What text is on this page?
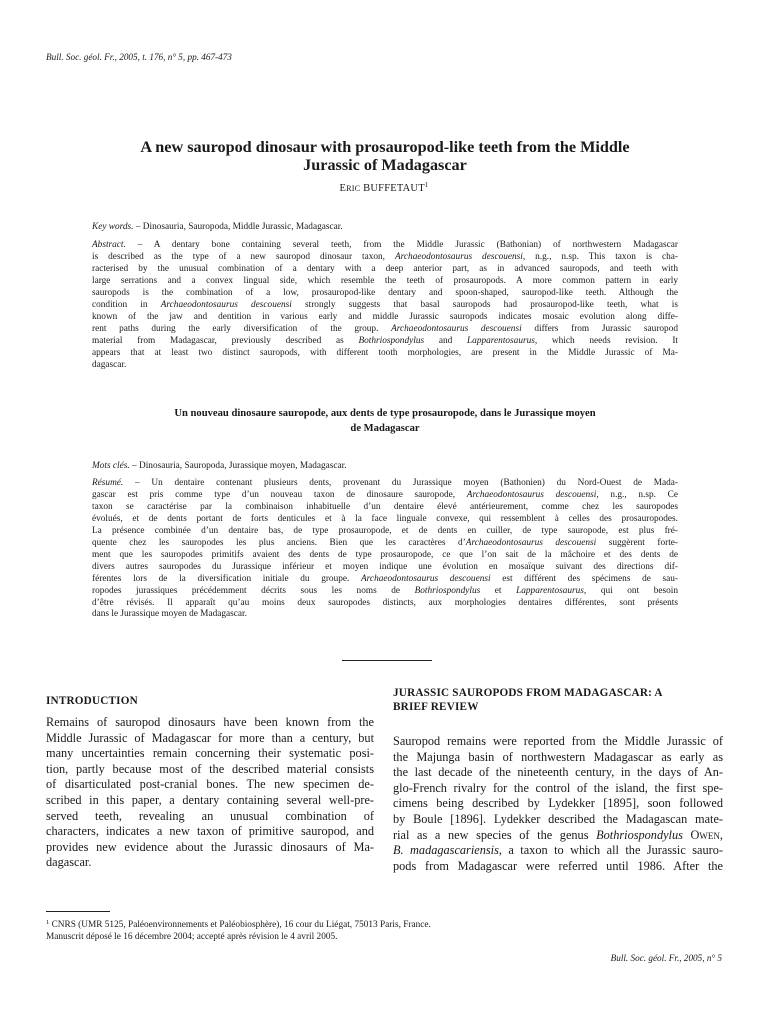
Bull. Soc. géol. Fr., 2005, t. 176, n° 5, pp. 467-473
A new sauropod dinosaur with prosauropod-like teeth from the Middle
Jurassic of Madagascar
ERIC BUFFETAUT$^1$
Key words. – Dinosauria, Sauropoda, Middle Jurassic, Madagascar.
Abstract. – A dentary bone containing several teeth, from the Middle Jurassic (Bathonian) of northwestern Madagascar
is described as the type of a new sauropod dinosaur taxon, Archaeodontosaurus descouensi, n.g., n.sp. This taxon is cha-
racterised by the unusual combination of a dentary with a deep anterior part, as in advanced sauropods, and teeth with
large serrations and a convex lingual side, which resemble the teeth of prosauropods. A more common pattern in early
sauropods is the combination of a low, prosauropod-like dentary and spoon-shaped, sauropod-like teeth. Although the
condition in Archaeodontosaurus descouensi strongly suggests that basal sauropods had prosauropod-like teeth, what is
known of the jaw and dentition in various early and middle Jurassic sauropods indicates mosaic evolution along diffe-
rent paths during the early diversification of the group. Archaeodontosaurus descouensi differs from Jurassic sauropod
material from Madagascar, previously described as Bothriospondylus and Lapparentosaurus, which needs revision. It
appears that at least two distinct sauropods, with different tooth morphologies, are present in the Middle Jurassic of Ma-
dagascar.
Un nouveau dinosaure sauropode, aux dents de type prosauropode, dans le Jurassique moyen
de Madagascar
Mots clés. – Dinosauria, Sauropoda, Jurassique moyen, Madagascar.
Résumé. – Un dentaire contenant plusieurs dents, provenant du Jurassique moyen (Bathonien) du Nord-Ouest de Mada-
gascar est pris comme type d’un nouveau taxon de dinosaure sauropode, Archaeodontosaurus descouensi, n.g., n.sp. Ce
taxon se caractérise par la combinaison inhabituelle d’un dentaire élevé antérieurement, comme chez les sauropodes
évolués, et de dents portant de forts denticules et à la face linguale convexe, qui ressemblent à celles des prosauropodes.
La présence combinée d’un dentaire bas, de type prosauropode, et de dents en cuiller, de type sauropode, est plus fré-
quente chez les sauropodes les plus anciens. Bien que les caractères d’Archaeodontosaurus descouensi suggèrent forte-
ment que les sauropodes primitifs avaient des dents de type prosauropode, ce que l’on sait de la mâchoire et des dents de
divers autres sauropodes du Jurassique inférieur et moyen indique une évolution en mosaïque suivant des directions dif-
férentes lors de la diversification initiale du groupe. Archaeodontosaurus descouensi est différent des spécimens de sau-
ropodes jurassiques précédemment décrits sous les noms de Bothriospondylus et Lapparentosaurus, qui ont besoin
d’être révisés. Il apparaît qu’au moins deux sauropodes distincts, aux morphologies dentaires différentes, sont présents
dans le Jurassique moyen de Madagascar.
INTRODUCTION
Remains of sauropod dinosaurs have been known from the
Middle Jurassic of Madagascar for more than a century, but
many uncertainties remain concerning their systematic posi-
tion, partly because most of the described material consists
of disarticulated post-cranial bones. The new specimen de-
scribed in this paper, a dentary containing several well-pre-
served teeth, revealing an unusual combination of
characters, indicates a new taxon of primitive sauropod, and
provides new evidence about the Jurassic dinosaurs of Ma-
dagascar.
JURASSIC SAUROPODS FROM MADAGASCAR: A
BRIEF REVIEW
Sauropod remains were reported from the Middle Jurassic of
the Majunga basin of northwestern Madagascar as early as
the last decade of the nineteenth century, in the days of An-
glo-French rivalry for the control of the island, the first spe-
cimens being described by Lydekker [1895], soon followed
by Boule [1896]. Lydekker described the Madagascan mate-
rial as a new species of the genus Bothriospondylus Owen,
B. madagascariensis, a taxon to which all the Jurassic sauro-
pods from Madagascar were referred until 1986. After the
$^1$ CNRS (UMR 5125, Paléoenvironnements et Paléobiosphère), 16 cour du Liégat, 75013 Paris, France.
Manuscrit déposé le 16 décembre 2004; accepté après révision le 4 avril 2005.
Bull. Soc. géol. Fr., 2005, n° 5
